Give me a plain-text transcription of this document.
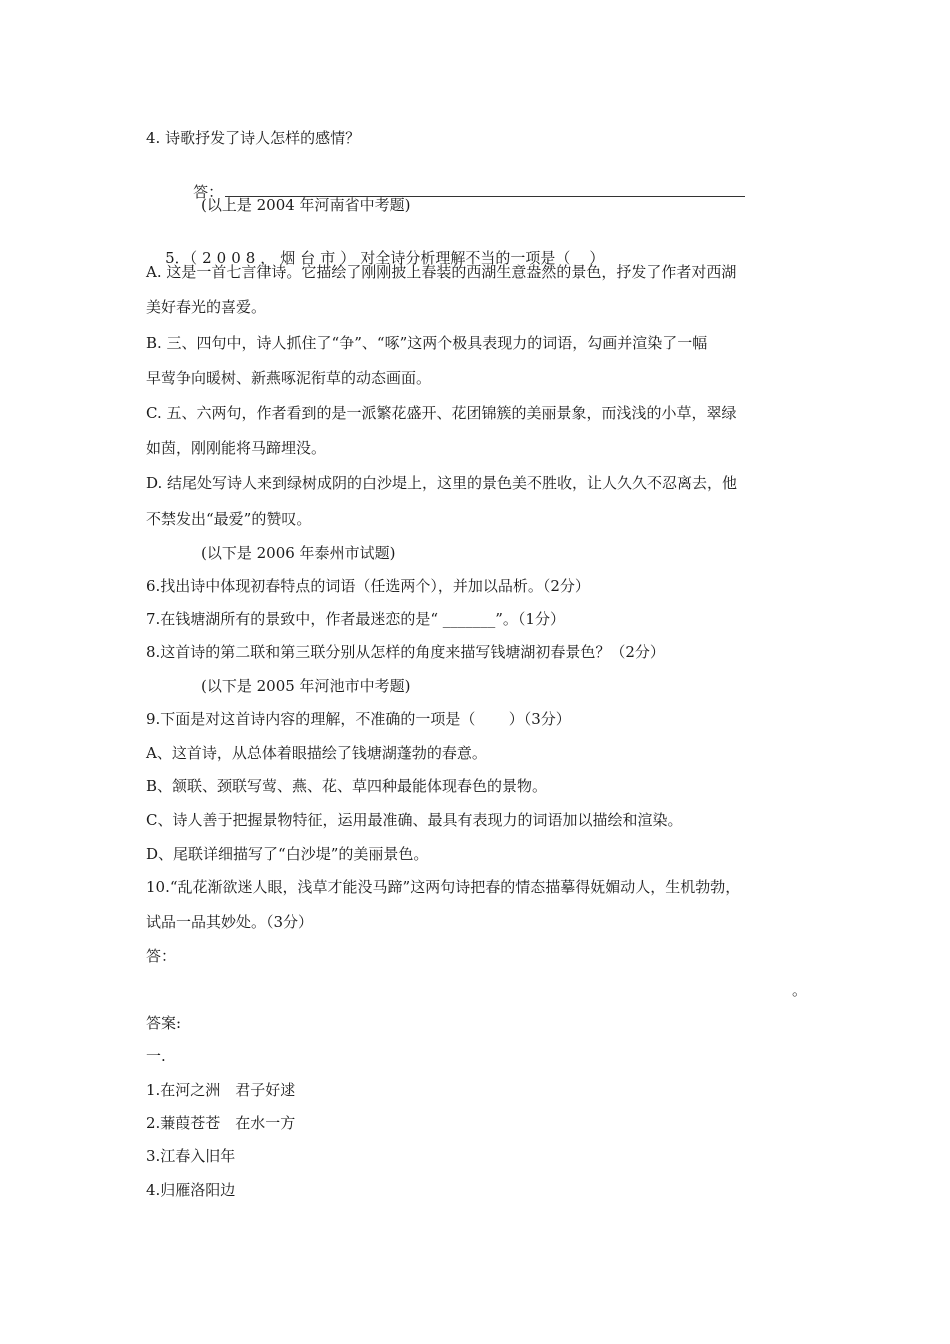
4. 诗歌抒发了诗人怎样的感情？

答：

(以上是 2004 年河南省中考题)

5．（2008，烟台市）对全诗分析理解不当的一项是（    ）

A. 这是一首七言律诗。它描绘了刚刚披上春装的西湖生意盎然的景色，抒发了作者对西湖
美好春光的喜爱。
B. 三、四句中，诗人抓住了“争”、“啄”这两个极具表现力的词语，勾画并渲染了一幅
早莺争向暖树、新燕啄泥衔草的动态画面。
C. 五、六两句，作者看到的是一派繁花盛开、花团锦簇的美丽景象，而浅浅的小草，翠绿
如茵，刚刚能将马蹄埋没。
D. 结尾处写诗人来到绿树成阴的白沙堤上，这里的景色美不胜收，让人久久不忍离去，他
不禁发出“最爱”的赞叹。
(以下是 2006 年泰州市试题)
6.找出诗中体现初春特点的词语（任选两个），并加以品析。（2分）
7.在钱塘湖所有的景致中，作者最迷恋的是“ _______”。（1分）
8.这首诗的第二联和第三联分别从怎样的角度来描写钱塘湖初春景色？（2分）
(以下是 2005 年河池市中考题)
9.下面是对这首诗内容的理解，不准确的一项是（       ）（3分）
A、这首诗，从总体着眼描绘了钱塘湖蓬勃的春意。
B、颔联、颈联写莺、燕、花、草四种最能体现春色的景物。
C、诗人善于把握景物特征，运用最准确、最具有表现力的词语加以描绘和渲染。
D、尾联详细描写了“白沙堤”的美丽景色。
10.“乱花渐欲迷人眼，浅草才能没马蹄”这两句诗把春的情态描摹得妩媚动人，生机勃勃，
试品一品其妙处。（3分）
答：
。
答案:
一.
1.在河之洲　君子好逑
2.蒹葭苍苍　在水一方
3.江春入旧年
4.归雁洛阳边
